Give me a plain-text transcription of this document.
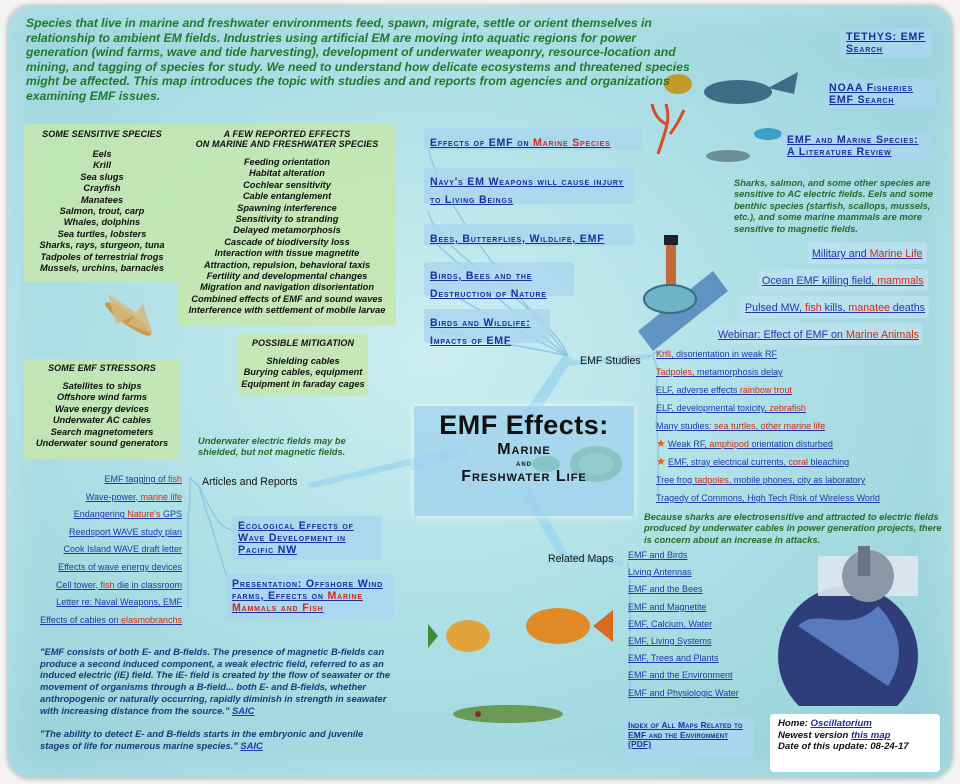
Species that live in marine and freshwater environments feed, spawn, migrate, settle or orient themselves in relationship to ambient EM fields. Industries using artificial EM are moving into aquatic regions for power generation (wind farms, wave and tide harvesting), development of underwater weaponry, resource-location and mining, and tagging of species for study. We need to understand how delicate ecosystems and threatened species might be affected. This map introduces the topic with studies and and reports from agencies and organizations examining EMF issues.
TETHYS: EMF Search
NOAA Fisheries EMF Search
EMF and Marine Species: A Literature Review
Sharks, salmon, and some other species are sensitive to AC electric fields. Eels and some benthic species (starfish, scallops, mussels, etc.), and some marine mammals are more sensitive to magnetic fields.
Military and Marine Life
Ocean EMF killing field, mammals
Pulsed MW, fish kills, manatee deaths
Webinar: Effect of EMF on Marine Animals
SOME SENSITIVE SPECIES
Eels
Krill
Sea slugs
Crayfish
Manatees
Salmon, trout, carp
Whales, dolphins
Sea turtles, lobsters
Sharks, rays, sturgeon, tuna
Tadpoles of terrestrial frogs
Mussels, urchins, barnacles
A FEW REPORTED EFFECTS
ON MARINE AND FRESHWATER SPECIES
Feeding orientation
Habitat alteration
Cochlear sensitivity
Cable entanglement
Spawning interference
Sensitivity to stranding
Delayed metamorphosis
Cascade of biodiversity loss
Interaction with tissue magnetite
Attraction, repulsion, behavioral taxis
Fertility and developmental changes
Migration and navigation disorientation
Combined effects of EMF and sound waves
Interference with settlement of mobile larvae
POSSIBLE MITIGATION
Shielding cables
Burying cables, equipment
Equipment in faraday cages
SOME EMF STRESSORS
Satellites to ships
Offshore wind farms
Wave energy devices
Underwater AC cables
Search magnetometers
Underwater sound generators	Underwater electric fields may be shielded, but not magnetic fields.
Effects of EMF on Marine Species
Navy's EM Weapons will cause injury to Living Beings
Bees, Butterflies, Wildlife, EMF
Birds, Bees and the Destruction of Nature
Birds and Wildlife: Impacts of EMF
EMF Effects:
Marine
and
Freshwater Life
EMF Studies
Krill, disorientation in weak RF
Tadpoles, metamorphosis delay
ELF, adverse effects rainbow trout
ELF, developmental toxicity, zebrafish
Many studies: sea turtles, other marine life
★ Weak RF, amphipod orientation disturbed
★ EMF, stray electrical currents, coral bleaching
Tree frog tadpoles, mobile phones, city as laboratory
Tragedy of Commons, High Tech Risk of Wireless World
Because sharks are electrosensitive and attracted to electric fields produced by underwater cables in power generation projects, there is concern about an increase in attacks.
Related Maps EMF and Birds
Living Antennas
EMF and the Bees
EMF and Magnetite
EMF, Calcium, Water
EMF, Living Systems
EMF, Trees and Plants
EMF and the Environment
EMF and Physiologic Water
Index of All Maps Related to EMF and the Environment (PDF)
Articles and Reports
EMF tagging of fish
Wave-power, marine life
Endangering Nature's GPS
Reedsport WAVE study plan
Cook Island WAVE draft letter
Effects of wave energy devices
Cell tower, fish die in classroom
Letter re: Naval Weapons, EMF
Effects of cables on elasmobranchs
Ecological Effects of Wave Development in Pacific NW
Presentation: Offshore Wind farms, Effects on Marine Mammals and Fish
"EMF consists of both E- and B-fields. The presence of magnetic B-fields can produce a second induced component, a weak electric field, referred to as an induced electric (iE) field. The iE- field is created by the flow of seawater or the movement of organisms through a B-field... both E- and B-fields, whether anthropogenic or naturally occurring, rapidly diminish in strength in seawater with increasing distance from the source." SAIC
"The ability to detect E- and B-fields starts in the embryonic and juvenile stages of life for numerous marine species." SAIC
Home: Oscillatorium
Newest version this map
Date of this update: 08-24-17
